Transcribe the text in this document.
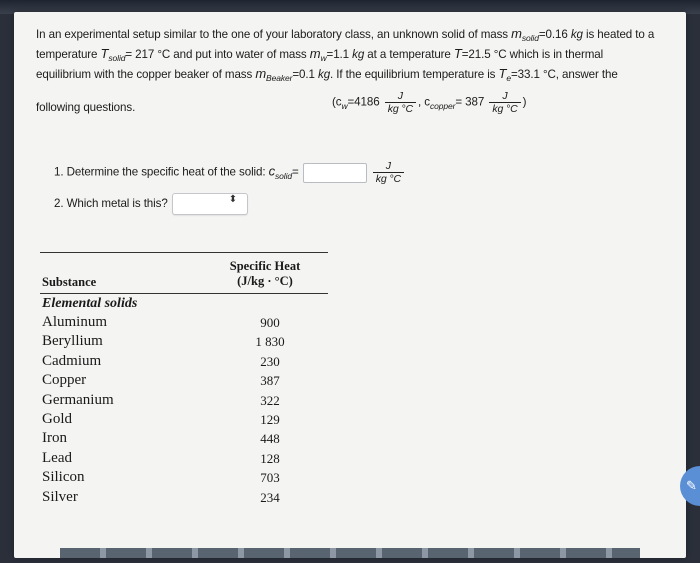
In an experimental setup similar to the one of your laboratory class, an unknown solid of mass $m_{solid}=0.16$ kg is heated to a
temperature $T_{solid}= 217$ °C and put into water of mass $m_w=1.1$ kg at a temperature T=21.5 °C which is in thermal
equilibrium with the copper beaker of mass $m_{Beaker}=0.1$ kg. If the equilibrium temperature is $T_e=33.1$ °C, answer the
following questions.	($c_w=4186 \frac{J}{kg ^\circ C}$ , $c_{copper}= 387 \frac{J}{kg ^\circ C}$ )
1. Determine the specific heat of the solid: $c_{solid}=$	$\frac{J}{kg ^\circ C}$
2. Which metal is this?	⬍
Substance
Specific Heat
(J/kg · °C)
Elemental solids
Aluminum	900
Beryllium	1 830
Cadmium	230
Copper	387
Germanium	322
Gold	129
Iron	448
Lead	128
Silicon	703
Silver	234
✎
